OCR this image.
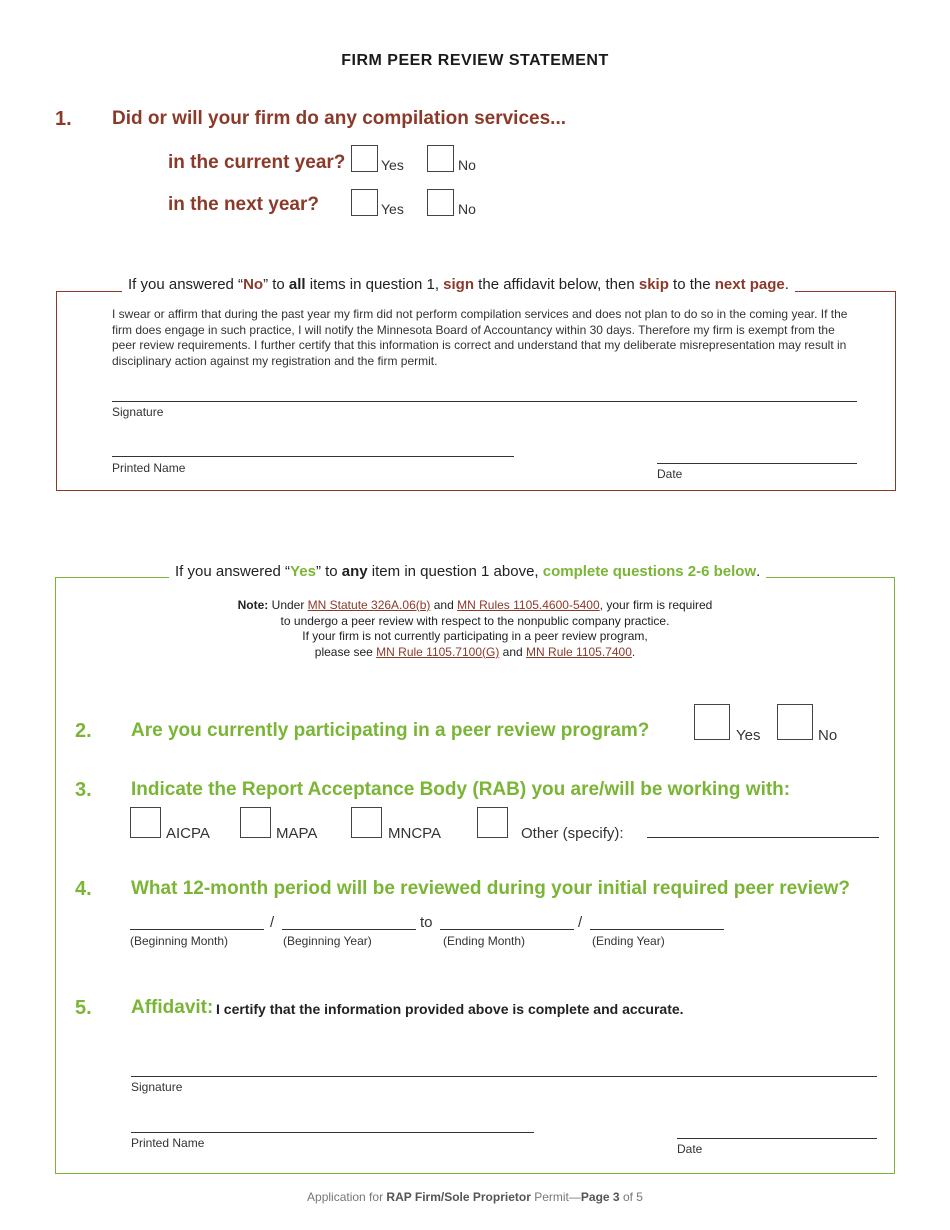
FIRM PEER REVIEW STATEMENT
1. Did or will your firm do any compilation services...
in the current year?	Yes	No
in the next year?	Yes	No
If you answered “No” to all items in question 1, sign the affidavit below, then skip to the next page.
I swear or affirm that during the past year my firm did not perform compilation services and does not plan to do so in the coming year. If the firm does engage in such practice, I will notify the Minnesota Board of Accountancy within 30 days. Therefore my firm is exempt from the peer review requirements. I further certify that this information is correct and understand that my deliberate misrepresentation may result in disciplinary action against my registration and the firm permit.
Signature
Printed Name	Date
If you answered “Yes” to any item in question 1 above, complete questions 2-6 below.
Note: Under MN Statute 326A.06(b) and MN Rules 1105.4600-5400, your firm is required
to undergo a peer review with respect to the nonpublic company practice.
If your firm is not currently participating in a peer review program,
please see MN Rule 1105.7100(G) and MN Rule 1105.7400.
2. Are you currently participating in a peer review program?	Yes	No
3. Indicate the Report Acceptance Body (RAB) you are/will be working with:
AICPA	MAPA	MNCPA	Other (specify):
4. What 12-month period will be reviewed during your initial required peer review?
/	to	/
(Beginning Month)	(Beginning Year)	(Ending Month)	(Ending Year)
5. Affidavit: I certify that the information provided above is complete and accurate.
Signature
Printed Name	Date
Application for RAP Firm/Sole Proprietor Permit—Page 3 of 5
